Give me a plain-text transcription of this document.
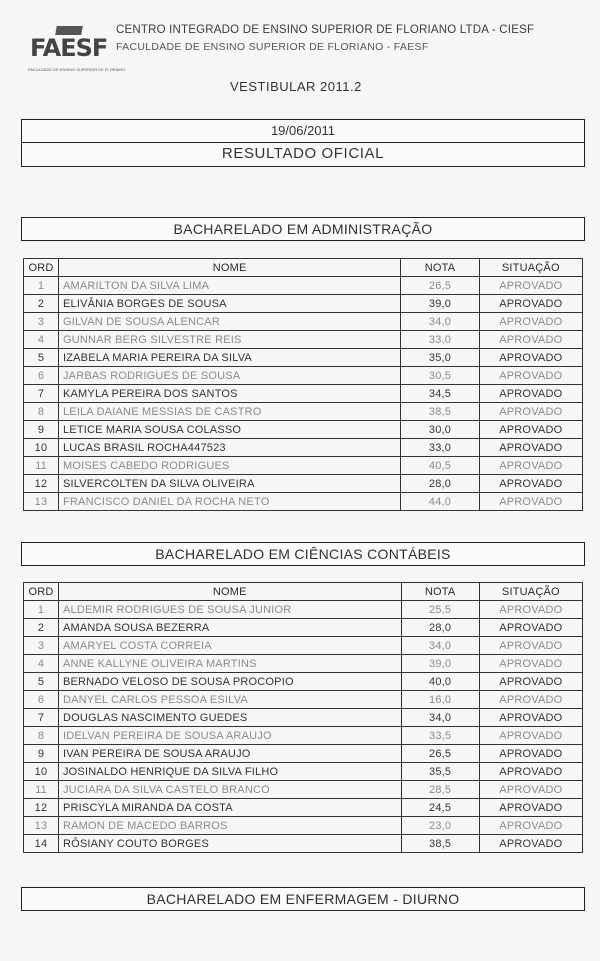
FAESF
FACULDADE DE ENSINO SUPERIOR DE FLORIANO
CENTRO INTEGRADO DE ENSINO SUPERIOR DE FLORIANO LTDA - CIESF
FACULDADE DE ENSINO SUPERIOR DE FLORIANO - FAESF
VESTIBULAR 2011.2
19/06/2011
RESULTADO OFICIAL
BACHARELADO EM ADMINISTRAÇÃO
ORD	NOME	NOTA	SITUAÇÃO
1	AMARILTON DA SILVA LIMA	26,5	APROVADO
2	ELIVÂNIA BORGES DE SOUSA	39,0	APROVADO
3	GILVAN DE SOUSA ALENCAR	34,0	APROVADO
4	GUNNAR BERG SILVESTRE REIS	33,0	APROVADO
5	IZABELA MARIA PEREIRA DA SILVA	35,0	APROVADO
6	JARBAS RODRIGUES DE SOUSA	30,5	APROVADO
7	KAMYLA PEREIRA DOS SANTOS	34,5	APROVADO
8	LEILA DAIANE MESSIAS DE CASTRO	38,5	APROVADO
9	LETICE MARIA SOUSA COLASSO	30,0	APROVADO
10	LUCAS BRASIL ROCHA447523	33,0	APROVADO
11	MOISES CABEDO RODRIGUES	40,5	APROVADO
12	SILVERCOLTEN DA SILVA OLIVEIRA	28,0	APROVADO
13	FRANCISCO DANIEL DA ROCHA NETO	44,0	APROVADO
BACHARELADO EM CIÊNCIAS CONTÁBEIS
ORD	NOME	NOTA	SITUAÇÃO
1	ALDEMIR RODRIGUES DE SOUSA JUNIOR	25,5	APROVADO
2	AMANDA SOUSA BEZERRA	28,0	APROVADO
3	AMARYEL COSTA CORREIA	34,0	APROVADO
4	ANNE KALLYNE OLIVEIRA MARTINS	39,0	APROVADO
5	BERNADO VELOSO DE SOUSA PROCOPIO	40,0	APROVADO
6	DANYEL CARLOS PESSOA ESILVA	16,0	APROVADO
7	DOUGLAS NASCIMENTO GUEDES	34,0	APROVADO
8	IDELVAN PEREIRA DE SOUSA ARAUJO	33,5	APROVADO
9	IVAN PEREIRA DE SOUSA ARAUJO	26,5	APROVADO
10	JOSINALDO HENRIQUE DA SILVA FILHO	35,5	APROVADO
11	JUCIARA DA SILVA CASTELO BRANCO	28,5	APROVADO
12	PRISCYLA MIRANDA DA COSTA	24,5	APROVADO
13	RAMON DE MACEDO BARROS	23,0	APROVADO
14	RÔSIANY COUTO BORGES	38,5	APROVADO
BACHARELADO EM ENFERMAGEM - DIURNO
